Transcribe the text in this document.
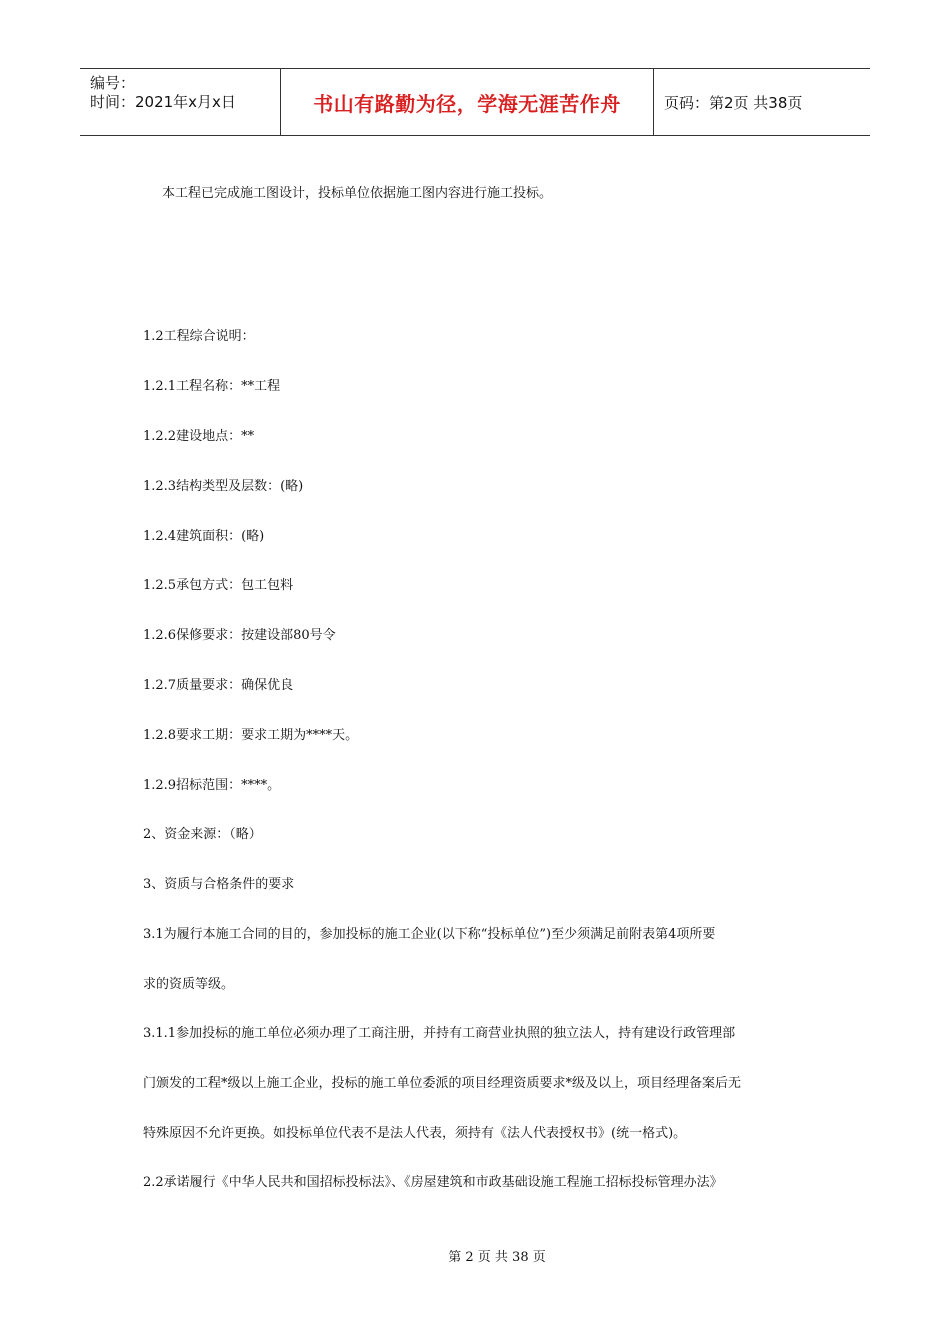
编号：
时间：2021年x月x日	书山有路勤为径，学海无涯苦作舟	页码：第2页 共38页
本工程已完成施工图设计，投标单位依据施工图内容进行施工投标。
1.2工程综合说明：
1.2.1工程名称：**工程
1.2.2建设地点：**
1.2.3结构类型及层数：(略)
1.2.4建筑面积：(略)
1.2.5承包方式：包工包料
1.2.6保修要求：按建设部80号令
1.2.7质量要求：确保优良
1.2.8要求工期：要求工期为****天。
1.2.9招标范围：****。
2、资金来源：（略）
3、资质与合格条件的要求
3.1为履行本施工合同的目的，参加投标的施工企业(以下称“投标单位”)至少须满足前附表第4项所要
求的资质等级。
3.1.1参加投标的施工单位必须办理了工商注册，并持有工商营业执照的独立法人，持有建设行政管理部
门颁发的工程*级以上施工企业，投标的施工单位委派的项目经理资质要求*级及以上，项目经理备案后无
特殊原因不允许更换。如投标单位代表不是法人代表，须持有《法人代表授权书》(统一格式)。
2.2承诺履行《中华人民共和国招标投标法》、《房屋建筑和市政基础设施工程施工招标投标管理办法》
第 2 页 共 38 页
